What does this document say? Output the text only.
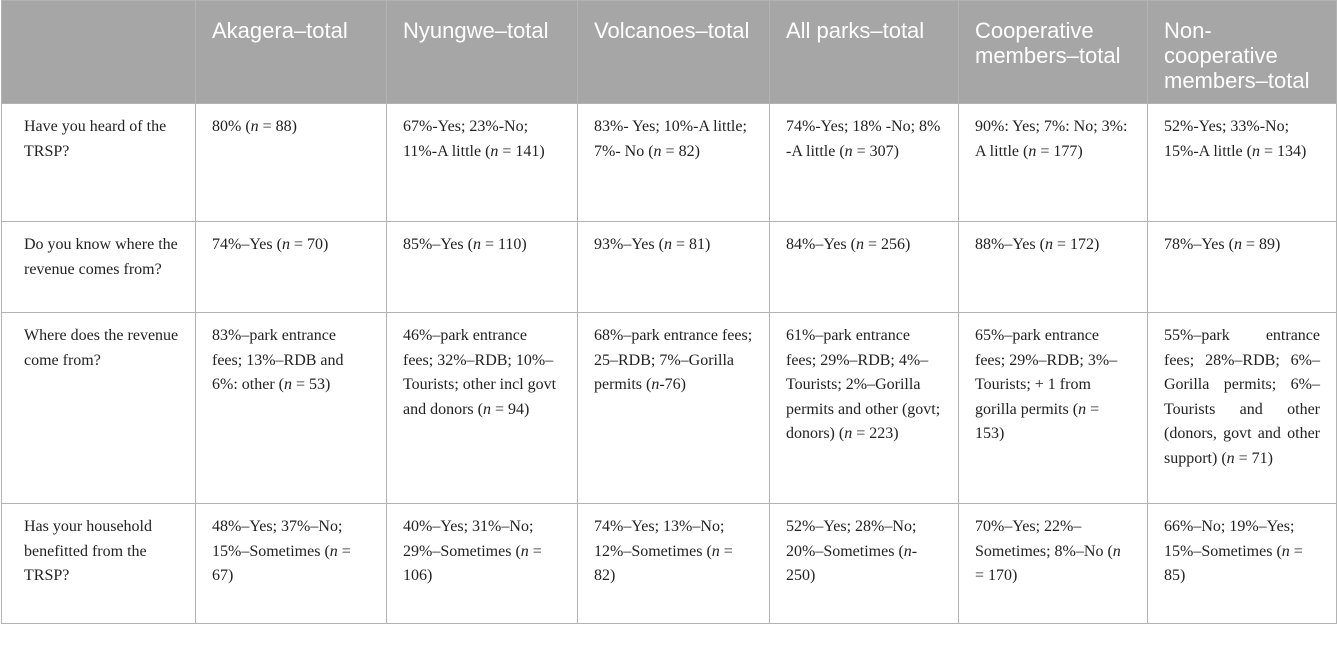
	Akagera–total	Nyungwe–total	Volcanoes–total	All parks–total	Cooperative members–total	Non-cooperative members–total
Have you heard of the TRSP?	80% (n = 88)	67%-Yes; 23%-No; 11%-A little (n = 141)	83%- Yes; 10%-A little; 7%- No (n = 82)	74%-Yes; 18% -No; 8% -A little (n = 307)	90%: Yes; 7%: No; 3%: A little (n = 177)	52%-Yes; 33%-No; 15%-A little (n = 134)
Do you know where the revenue comes from?	74%–Yes (n = 70)	85%–Yes (n = 110)	93%–Yes (n = 81)	84%–Yes (n = 256)	88%–Yes (n = 172)	78%–Yes (n = 89)
Where does the revenue come from?	83%–park entrance fees; 13%–RDB and 6%: other (n = 53)	46%–park entrance fees; 32%–RDB; 10%–Tourists; other incl govt and donors (n = 94)	68%–park entrance fees; 25–RDB; 7%–Gorilla permits (n-76)	61%–park entrance fees; 29%–RDB; 4%–Tourists; 2%–Gorilla permits and other (govt; donors) (n = 223)	65%–park entrance fees; 29%–RDB; 3%–Tourists; + 1 from gorilla permits (n = 153)	55%–park entrance fees; 28%–RDB; 6%–Gorilla permits; 6%–Tourists and other (donors, govt and other support) (n = 71)
Has your household benefitted from the TRSP?	48%–Yes; 37%–No; 15%–Sometimes (n = 67)	40%–Yes; 31%–No; 29%–Sometimes (n = 106)	74%–Yes; 13%–No; 12%–Sometimes (n = 82)	52%–Yes; 28%–No; 20%–Sometimes (n-250)	70%–Yes; 22%–Sometimes; 8%–No (n = 170)	66%–No; 19%–Yes; 15%–Sometimes (n = 85)
